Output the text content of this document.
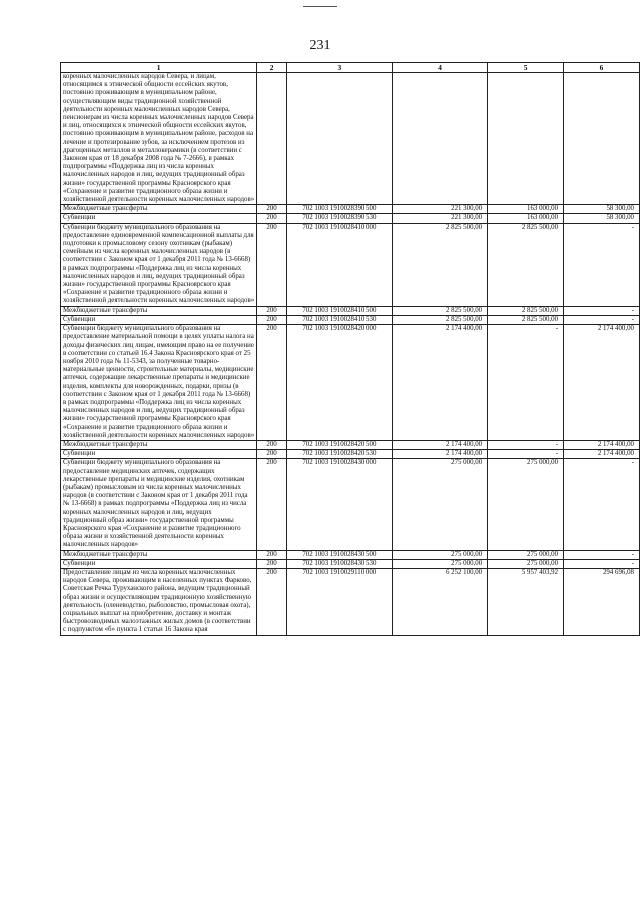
231
1	2	3	4	5	6
коренных малочисленных народов Севера, и лицам, относящимся к этнической общности ессейских якутов, постоянно проживающим в муниципальном районе, осуществляющим виды традиционной хозяйственной деятельности коренных малочисленных народов Севера, пенсионерам из числа коренных малочисленных народов Севера и лиц, относящихся к этнической общности ессейских якутов, постоянно проживающим в муниципальном районе, расходов на лечение и протезирование зубов, за исключением протезов из драгоценных металлов и металлокерамики (в соответствии с Законом края от 18 декабря 2008 года № 7-2666), в рамках подпрограммы «Поддержка лиц из числа коренных малочисленных народов и лиц, ведущих традиционный образ жизни» государственной программы Красноярского края «Сохранение и развитие традиционного образа жизни и хозяйственной деятельности коренных малочисленных народов»					
Межбюджетные трансферты	200	702 1003 1910028390 500	221 300,00	163 000,00	58 300,00
Субвенции	200	702 1003 1910028390 530	221 300,00	163 000,00	58 300,00
Субвенции бюджету муниципального образования на предоставление единовременной компенсационной выплаты для подготовки к промысловому сезону охотникам (рыбакам) семейным из числа коренных малочисленных народов (в соответствии с Законом края от 1 декабря 2011 года № 13-6668) в рамках подпрограммы «Поддержка лиц из числа коренных малочисленных народов и лиц, ведущих традиционный образ жизни» государственной программы Красноярского края «Сохранение и развитие традиционного образа жизни и хозяйственной деятельности коренных малочисленных народов»	200	702 1003 1910028410 000	2 825 500,00	2 825 500,00	-
Межбюджетные трансферты	200	702 1003 1910028410 500	2 825 500,00	2 825 500,00	-
Субвенции	200	702 1003 1910028410 530	2 825 500,00	2 825 500,00	-
Субвенции бюджету муниципального образования на предоставление материальной помощи в целях уплаты налога на доходы физических лиц лицам, имеющим право на ее получение в соответствии со статьей 16.4 Закона Красноярского края от 25 ноября 2010 года № 11-5343, за полученные товарно-материальные ценности, строительные материалы, медицинские аптечки, содержащие лекарственные препараты и медицинские изделия, комплекты для новорожденных, подарки, призы (в соответствии с Законом края от 1 декабря 2011 года № 13-6668) в рамках подпрограммы «Поддержка лиц из числа коренных малочисленных народов и лиц, ведущих традиционный образ жизни» государственной программы Красноярского края «Сохранение и развитие традиционного образа жизни и хозяйственной деятельности коренных малочисленных народов»	200	702 1003 1910028420 000	2 174 400,00	-	2 174 400,00
Межбюджетные трансферты	200	702 1003 1910028420 500	2 174 400,00	-	2 174 400,00
Субвенции	200	702 1003 1910028420 530	2 174 400,00	-	2 174 400,00
Субвенции бюджету муниципального образования на предоставление медицинских аптечек, содержащих лекарственные препараты и медицинские изделия, охотникам (рыбакам) промысловым из числа коренных малочисленных народов (в соответствии с Законом края от 1 декабря 2011 года № 13-6668) в рамках подпрограммы «Поддержка лиц из числа коренных малочисленных народов и лиц, ведущих традиционный образ жизни» государственной программы Красноярского края «Сохранение и развитие традиционного образа жизни и хозяйственной деятельности коренных малочисленных народов»	200	702 1003 1910028430 000	275 000,00	275 000,00	-
Межбюджетные трансферты	200	702 1003 1910028430 500	275 000,00	275 000,00	-
Субвенции	200	702 1003 1910028430 530	275 000,00	275 000,00	-
Предоставление лицам из числа коренных малочисленных народов Севера, проживающим в населенных пунктах Фарково, Советская Речка Туруханского района, ведущим традиционный образ жизни и осуществляющим традиционную хозяйственную деятельность (оленеводство, рыболовство, промысловая охота), социальных выплат на приобретение, доставку и монтаж быстровозводимых малоэтажных жилых домов (в соответствии с подпунктом «б» пункта 1 статьи 16 Закона края	200	702 1003 1910029110 000	6 252 100,00	5 957 403,92	294 696,08
